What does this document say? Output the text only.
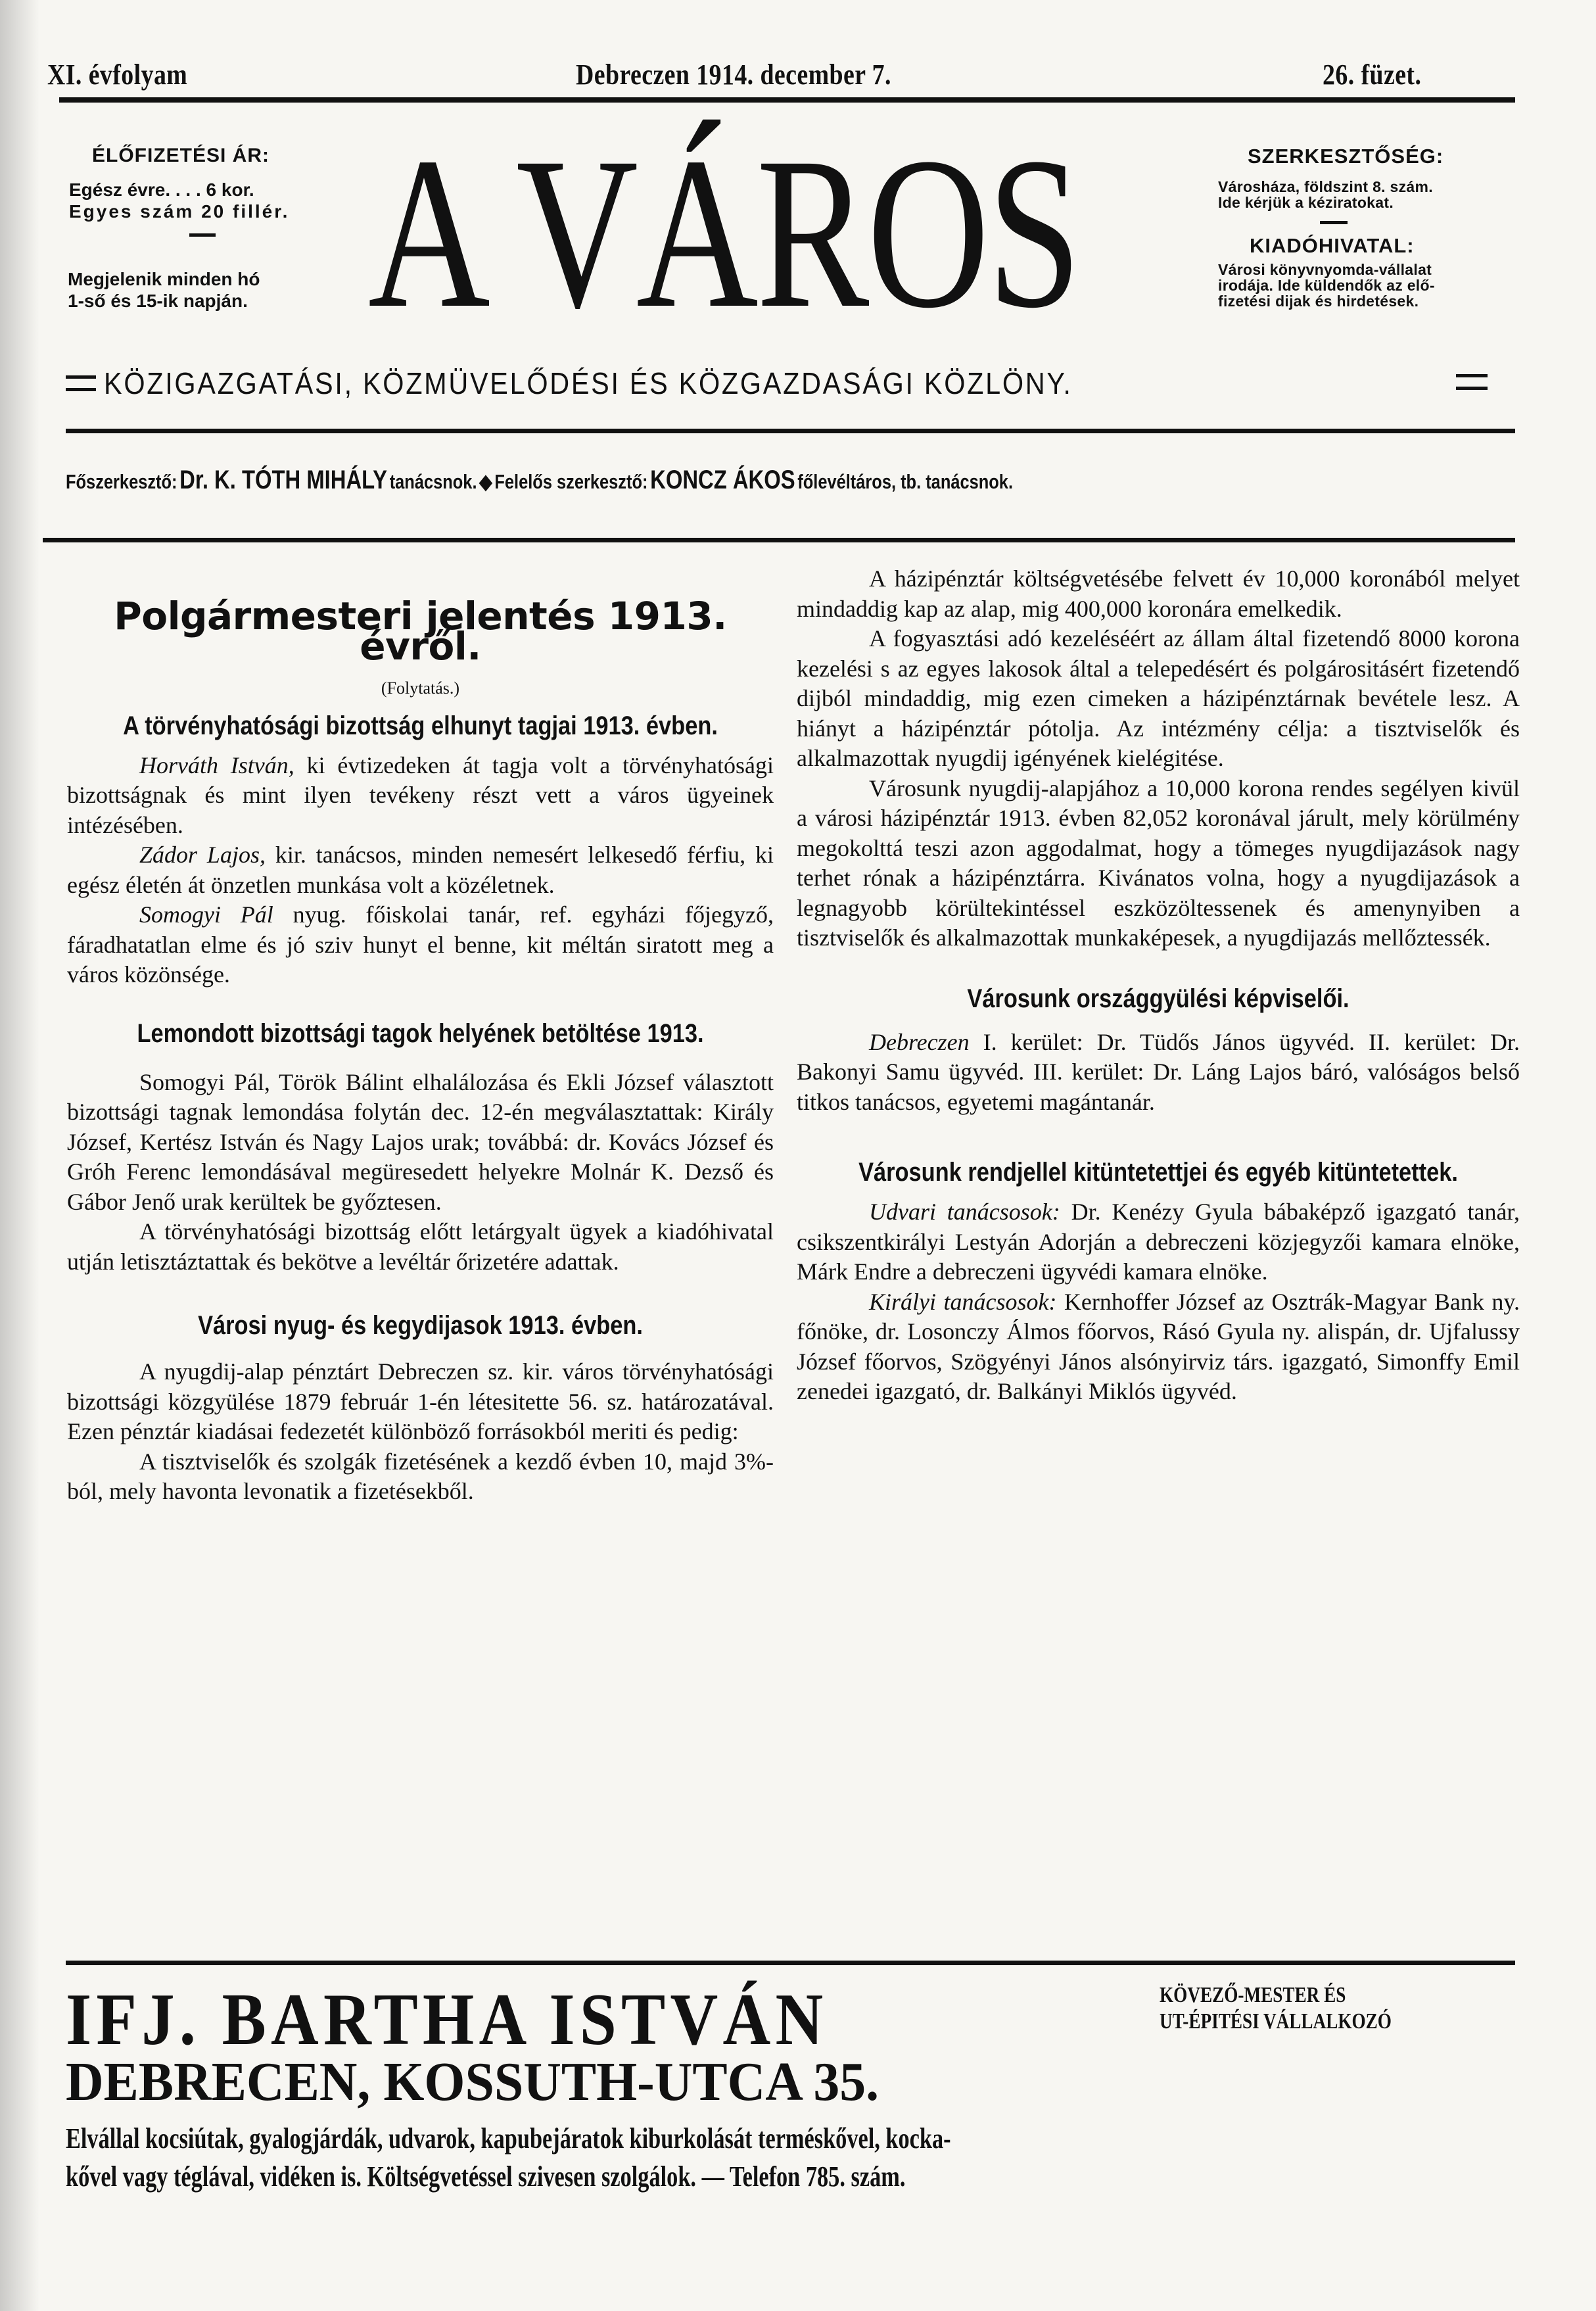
XI. évfolyam	Debreczen 1914. december 7.	26. füzet.
ÉLŐFIZETÉSI ÁR:
Egész évre. . . . 6 kor.
Egyes szám 20 fillér.
Megjelenik minden hó
1-ső és 15-ik napján. A VÁROS	SZERKESZTŐSÉG:
Városháza, földszint 8. szám.
Ide kérjük a kéziratokat.
KIADÓHIVATAL:
Városi könyvnyomda-vállalat
irodája. Ide küldendők az elő-
fizetési dijak és hirdetések.
KÖZIGAZGATÁSI, KÖZMÜVELŐDÉSI ÉS KÖZGAZDASÁGI KÖZLÖNY.
Főszerkesztő: Dr. K. TÓTH MIHÁLY tanácsnok. ◆ Felelős szerkesztő: KONCZ ÁKOS főlevéltáros, tb. tanácsnok.
Polgármesteri jelentés 1913. évről.
(Folytatás.)
A törvényhatósági bizottság elhunyt tagjai 1913. évben.

Horváth István, ki évtizedeken át tagja volt a törvényhatósági bizottságnak és mint ilyen tevékeny részt vett a város ügyeinek intézésében.

Zádor Lajos, kir. tanácsos, minden nemesért lelkesedő férfiu, ki egész életén át önzetlen munkása volt a közéletnek.

Somogyi Pál nyug. főiskolai tanár, ref. egyházi főjegyző, fáradhatatlan elme és jó sziv hunyt el benne, kit méltán siratott meg a város közönsége.

Lemondott bizottsági tagok helyének betöltése 1913.

Somogyi Pál, Török Bálint elhalálozása és Ekli József választott bizottsági tagnak lemondása folytán dec. 12-én megválasztattak: Király József, Kertész István és Nagy Lajos urak; továbbá: dr. Kovács József és Gróh Ferenc lemondásával megüresedett helyekre Molnár K. Dezső és Gábor Jenő urak kerültek be győztesen.

A törvényhatósági bizottság előtt letárgyalt ügyek a kiadóhivatal utján letisztáztattak és bekötve a levéltár őrizetére adattak.

Városi nyug- és kegydijasok 1913. évben.

A nyugdij-alap pénztárt Debreczen sz. kir. város törvényhatósági bizottsági közgyülése 1879 február 1-én létesitette 56. sz. határozatával. Ezen pénztár kiadásai fedezetét különböző forrásokból meriti és pedig:

A tisztviselők és szolgák fizetésének a kezdő évben 10, majd 3%-ból, mely havonta levonatik a fizetésekből.

A házipénztár költségvetésébe felvett év 10,000 koronából melyet mindaddig kap az alap, mig 400,000 koronára emelkedik.

A fogyasztási adó kezeléséért az állam által fizetendő 8000 korona kezelési s az egyes lakosok által a telepedésért és polgárositásért fizetendő dijból mindaddig, mig ezen cimeken a házipénztárnak bevétele lesz. A hiányt a házipénztár pótolja. Az intézmény célja: a tisztviselők és alkalmazottak nyugdij igényének kielégitése.

Városunk nyugdij-alapjához a 10,000 korona rendes segélyen kivül a városi házipénztár 1913. évben 82,052 koronával járult, mely körülmény megokolttá teszi azon aggodalmat, hogy a tömeges nyugdijazások nagy terhet rónak a házipénztárra. Kivánatos volna, hogy a nyugdijazások a legnagyobb körültekintéssel eszközöltessenek és amenynyiben a tisztviselők és alkalmazottak munkaképesek, a nyugdijazás mellőztessék.

Városunk országgyülési képviselői.

Debreczen I. kerület: Dr. Tüdős János ügyvéd. II. kerület: Dr. Bakonyi Samu ügyvéd. III. kerület: Dr. Láng Lajos báró, valóságos belső titkos tanácsos, egyetemi magántanár.

Városunk rendjellel kitüntetettjei és egyéb kitüntetettek.

Udvari tanácsosok: Dr. Kenézy Gyula bábaképző igazgató tanár, csikszentkirályi Lestyán Adorján a debreczeni közjegyzői kamara elnöke, Márk Endre a debreczeni ügyvédi kamara elnöke.

Királyi tanácsosok: Kernhoffer József az Osztrák-Magyar Bank ny. főnöke, dr. Losonczy Álmos főorvos, Rásó Gyula ny. alispán, dr. Ujfalussy József főorvos, Szögyényi János alsónyirviz társ. igazgató, Simonffy Emil zenedei igazgató, dr. Balkányi Miklós ügyvéd.

IFJ. BARTHA ISTVÁN	KÖVEZŐ-MESTER ÉS
UT-ÉPITÉSI VÁLLALKOZÓ
DEBRECEN, KOSSUTH-UTCA 35.
Elvállal kocsiútak, gyalogjárdák, udvarok, kapubejáratok kiburkolását terméskővel, kocka-
kővel vagy téglával, vidéken is. Költségvetéssel szivesen szolgálok. — Telefon 785. szám.
